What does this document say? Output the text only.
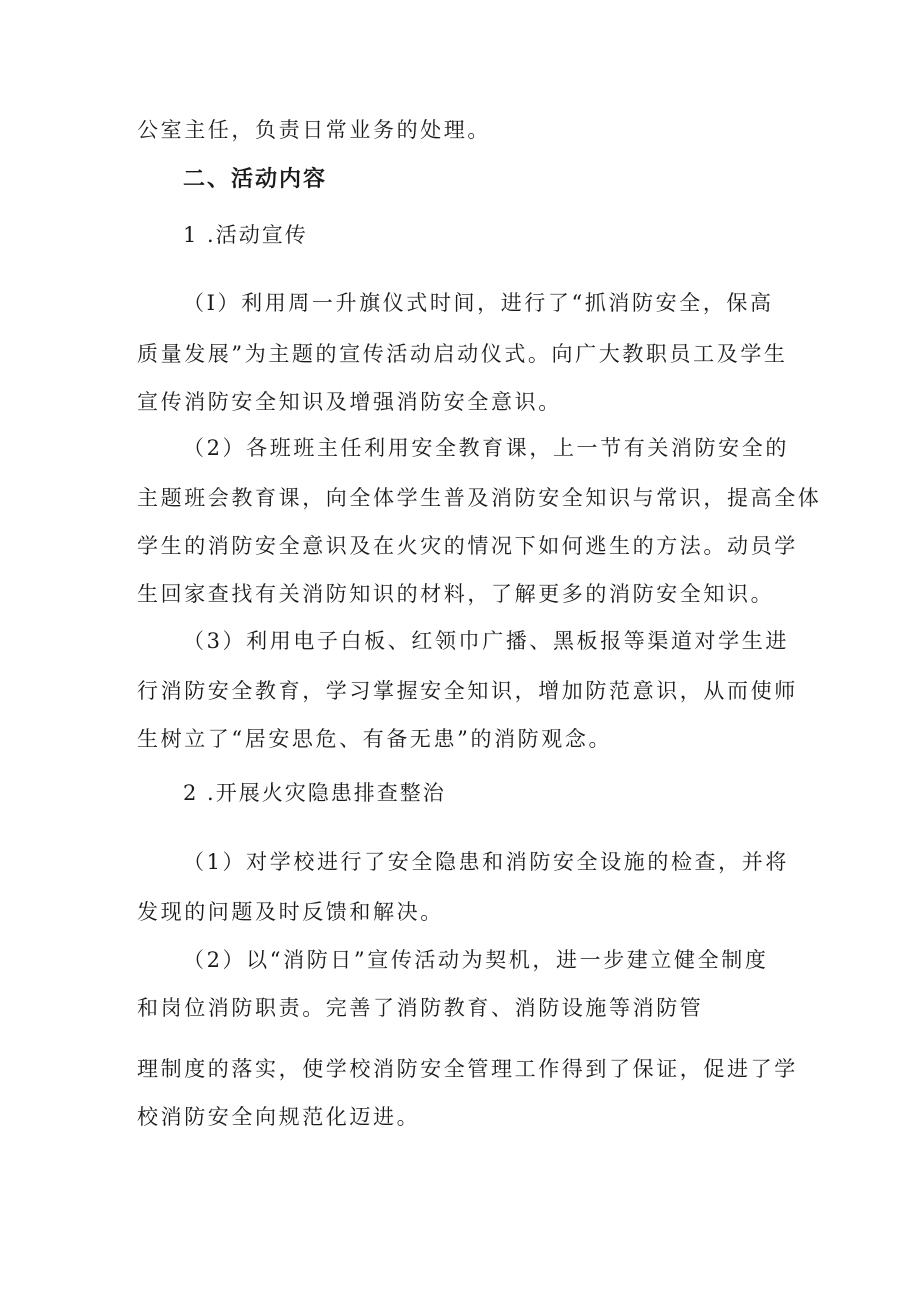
公室主任，负责日常业务的处理。
二、活动内容
1 .活动宣传
（I）利用周一升旗仪式时间，进行了“抓消防安全，保高
质量发展”为主题的宣传活动启动仪式。向广大教职员工及学生
宣传消防安全知识及增强消防安全意识。
（2）各班班主任利用安全教育课，上一节有关消防安全的
主题班会教育课，向全体学生普及消防安全知识与常识，提高全体
学生的消防安全意识及在火灾的情况下如何逃生的方法。动员学
生回家查找有关消防知识的材料，了解更多的消防安全知识。
（3）利用电子白板、红领巾广播、黑板报等渠道对学生进
行消防安全教育，学习掌握安全知识，增加防范意识，从而使师
生树立了“居安思危、有备无患”的消防观念。
2 .开展火灾隐患排查整治
（1）对学校进行了安全隐患和消防安全设施的检查，并将
发现的问题及时反馈和解决。
（2）以“消防日”宣传活动为契机，进一步建立健全制度
和岗位消防职责。完善了消防教育、消防设施等消防管
理制度的落实，使学校消防安全管理工作得到了保证，促进了学
校消防安全向规范化迈进。
